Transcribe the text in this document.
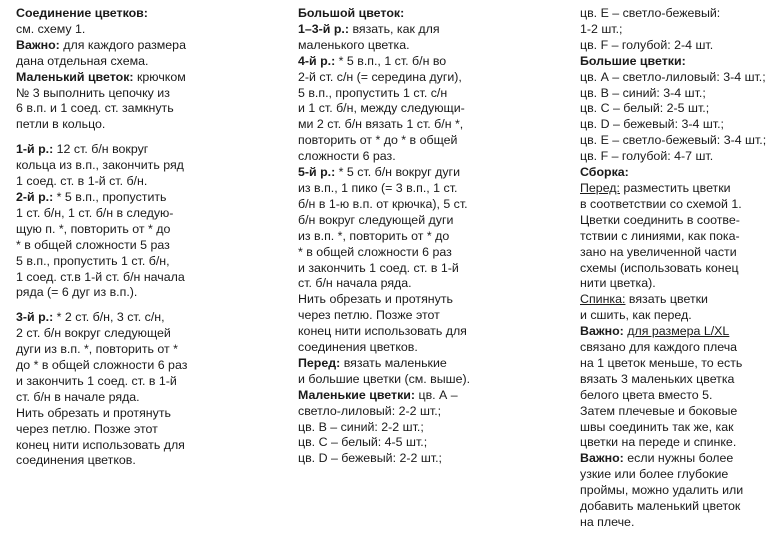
Соединение цветков:
см. схему 1.
Важно: для каждого размера
дана отдельная схема.
Маленький цветок: крючком
№ 3 выполнить цепочку из
6 в.п. и 1 соед. ст. замкнуть
петли в кольцо.
1-й р.: 12 ст. б/н вокруг
кольца из в.п., закончить ряд
1 соед. ст. в 1-й ст. б/н.
2-й р.: * 5 в.п., пропустить
1 ст. б/н, 1 ст. б/н в следую-
щую п. *, повторить от * до
* в общей сложности 5 раз
5 в.п., пропустить 1 ст. б/н,
1 соед. ст.в 1-й ст. б/н начала
ряда (= 6 дуг из в.п.).
3-й р.: * 2 ст. б/н, 3 ст. с/н,
2 ст. б/н вокруг следующей
дуги из в.п. *, повторить от *
до * в общей сложности 6 раз
и закончить 1 соед. ст. в 1-й
ст. б/н в начале ряда.
Нить обрезать и протянуть
через петлю. Позже этот
конец нити использовать для
соединения цветков.
Большой цветок:
1–3-й р.: вязать, как для
маленького цветка.
4-й р.: * 5 в.п., 1 ст. б/н во
2-й ст. с/н (= середина дуги),
5 в.п., пропустить 1 ст. с/н
и 1 ст. б/н, между следующи-
ми 2 ст. б/н вязать 1 ст. б/н *,
повторить от * до * в общей
сложности 6 раз.
5-й р.: * 5 ст. б/н вокруг дуги
из в.п., 1 пико (= 3 в.п., 1 ст.
б/н в 1-ю в.п. от крючка), 5 ст.
б/н вокруг следующей дуги
из в.п. *, повторить от * до
* в общей сложности 6 раз
и закончить 1 соед. ст. в 1-й
ст. б/н начала ряда.
Нить обрезать и протянуть
через петлю. Позже этот
конец нити использовать для
соединения цветков.
Перед: вязать маленькие
и большие цветки (см. выше).
Маленькие цветки: цв. А –
светло-лиловый: 2-2 шт.;
цв. В – синий: 2-2 шт.;
цв. С – белый: 4-5 шт.;
цв. D – бежевый: 2-2 шт.;
цв. Е – светло-бежевый:
1-2 шт.;
цв. F – голубой: 2-4 шт.
Большие цветки:
цв. А – светло-лиловый: 3-4 шт.;
цв. В – синий: 3-4 шт.;
цв. С – белый: 2-5 шт.;
цв. D – бежевый: 3-4 шт.;
цв. Е – светло-бежевый: 3-4 шт.;
цв. F – голубой: 4-7 шт.
Сборка:
Перед: разместить цветки
в соответствии со схемой 1.
Цветки соединить в соотве-
тствии с линиями, как пока-
зано на увеличенной части
схемы (использовать конец
нити цветка).
Спинка: вязать цветки
и сшить, как перед.
Важно: для размера L/XL
связано для каждого плеча
на 1 цветок меньше, то есть
вязать 3 маленьких цветка
белого цвета вместо 5.
Затем плечевые и боковые
швы соединить так же, как
цветки на переде и спинке.
Важно: если нужны более
узкие или более глубокие
проймы, можно удалить или
добавить маленький цветок
на плече.
